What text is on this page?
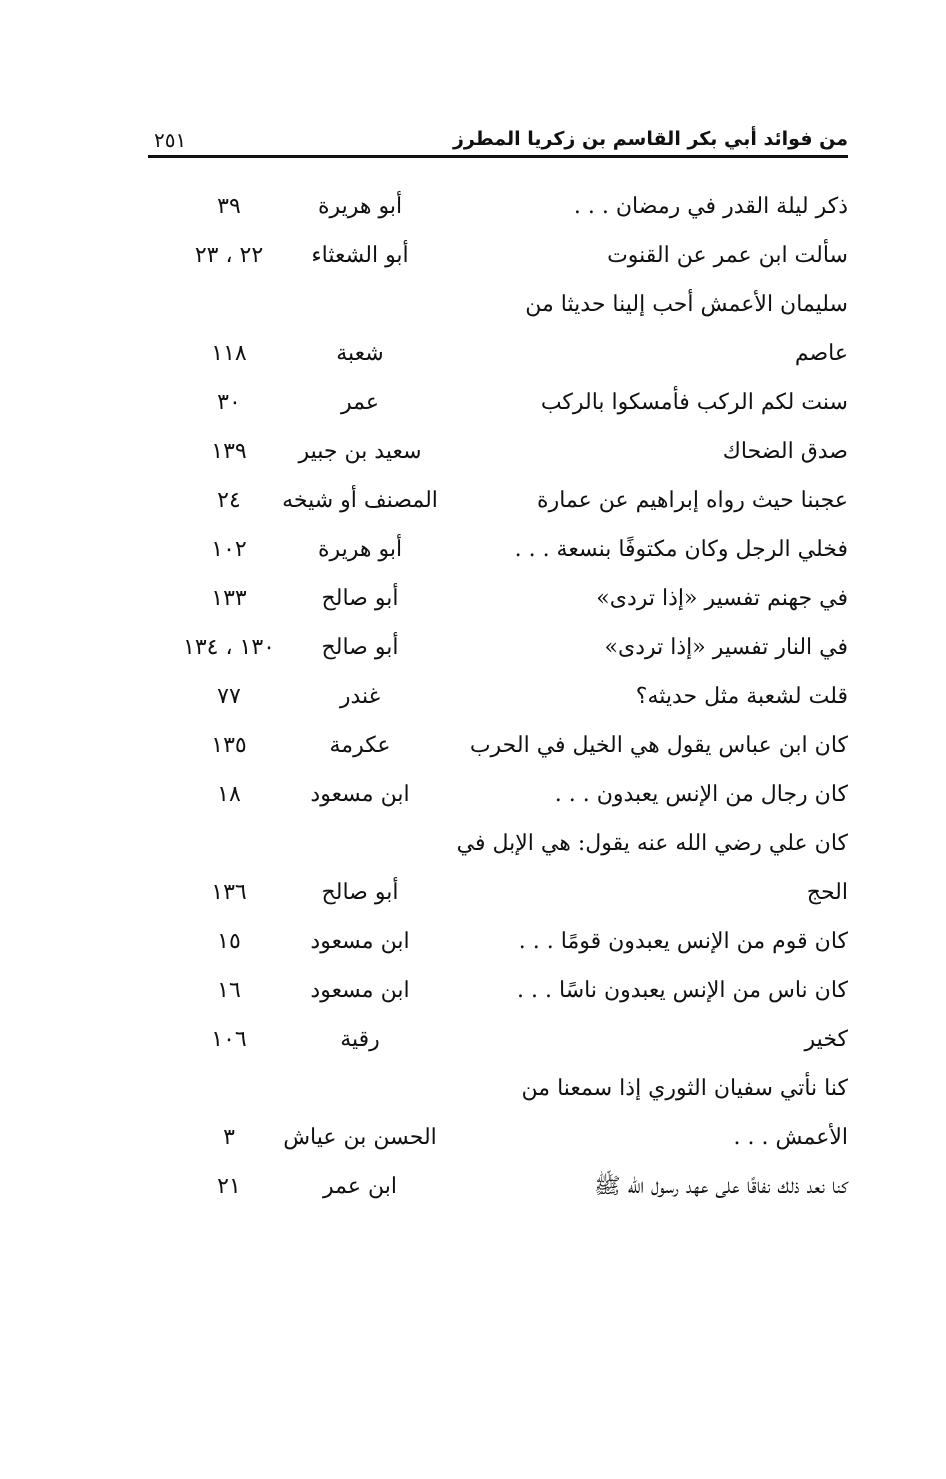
من فوائد أبي بكر القاسم بن زكريا المطرز
٢٥١
ذكر ليلة القدر في رمضان . . .
أبو هريرة
٣٩
سألت ابن عمر عن القنوت
أبو الشعثاء
٢٢ ، ٢٣
سليمان الأعمش أحب إلينا حديثا من
عاصم
شعبة
١١٨
سنت لكم الركب فأمسكوا بالركب
عمر
٣٠
صدق الضحاك
سعيد بن جبير
١٣٩
عجبنا حيث رواه إبراهيم عن عمارة
المصنف أو شيخه
٢٤
فخلي الرجل وكان مكتوفًا بنسعة . . .
أبو هريرة
١٠٢
في جهنم تفسير «إذا تردى»
أبو صالح
١٣٣
في النار تفسير «إذا تردى»
أبو صالح
١٣٠ ، ١٣٤
قلت لشعبة مثل حديثه؟
غندر
٧٧
كان ابن عباس يقول هي الخيل في الحرب
عكرمة
١٣٥
كان رجال من الإنس يعبدون . . .
ابن مسعود
١٨
كان علي رضي الله عنه يقول: هي الإبل في
الحج
أبو صالح
١٣٦
كان قوم من الإنس يعبدون قومًا . . .
ابن مسعود
١٥
كان ناس من الإنس يعبدون ناسًا . . .
ابن مسعود
١٦
كخير
رقية
١٠٦
كنا نأتي سفيان الثوري إذا سمعنا من
الأعمش . . .
الحسن بن عياش
٣
كنا نعد ذلك نفاقًا على عهد رسول الله ﷺ
ابن عمر
٢١
